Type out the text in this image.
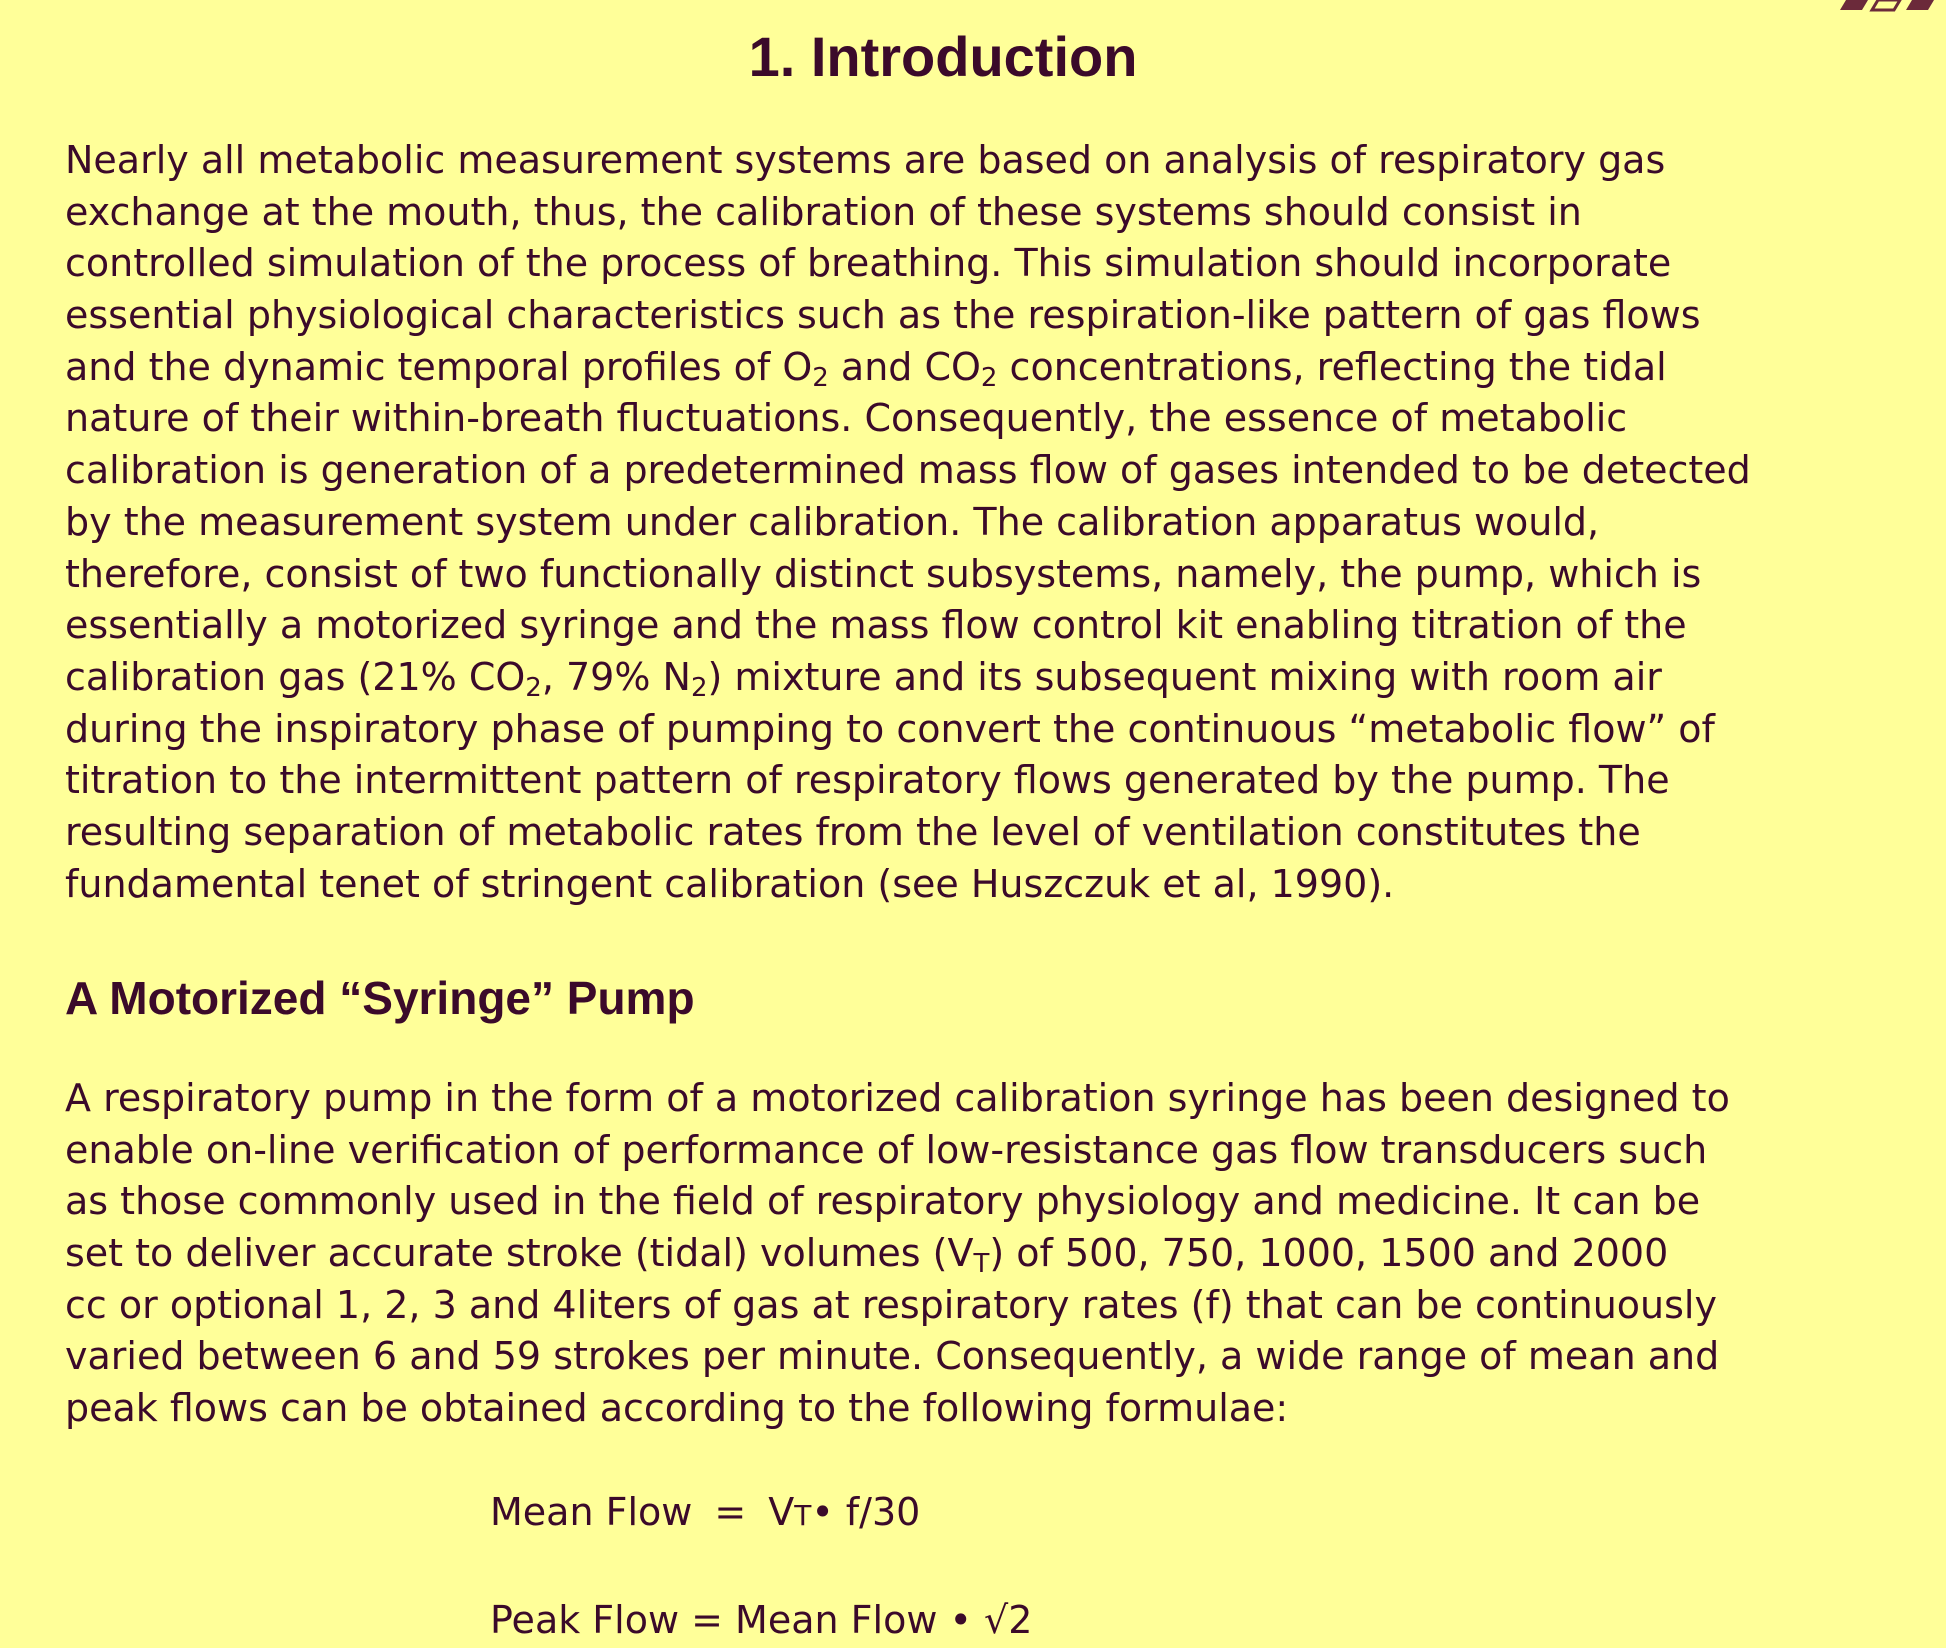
1. Introduction
Nearly all metabolic measurement systems are based on analysis of respiratory gas
exchange at the mouth, thus, the calibration of these systems should consist in
controlled simulation of the process of breathing. This simulation should incorporate
essential physiological characteristics such as the respiration-like pattern of gas flows
and the dynamic temporal profiles of $O_2$ and $CO_2$ concentrations, reflecting the tidal
nature of their within-breath fluctuations. Consequently, the essence of metabolic
calibration is generation of a predetermined mass flow of gases intended to be detected
by the measurement system under calibration. The calibration apparatus would,
therefore, consist of two functionally distinct subsystems, namely, the pump, which is
essentially a motorized syringe and the mass flow control kit enabling titration of the
calibration gas (21% $CO_2$, 79% $N_2$) mixture and its subsequent mixing with room air
during the inspiratory phase of pumping to convert the continuous “metabolic flow” of
titration to the intermittent pattern of respiratory flows generated by the pump. The
resulting separation of metabolic rates from the level of ventilation constitutes the
fundamental tenet of stringent calibration (see Huszczuk et al, 1990).
A Motorized “Syringe” Pump
A respiratory pump in the form of a motorized calibration syringe has been designed to
enable on-line verification of performance of low-resistance gas flow transducers such
as those commonly used in the field of respiratory physiology and medicine. It can be
set to deliver accurate stroke (tidal) volumes $(V_T)$ of 500, 750, 1000, 1500 and 2000
cc or optional 1, 2, 3 and 4liters of gas at respiratory rates (f) that can be continuously
varied between 6 and 59 strokes per minute. Consequently, a wide range of mean and
peak flows can be obtained according to the following formulae:
Mean Flow = VT• f/30
Peak Flow = Mean Flow • √2
